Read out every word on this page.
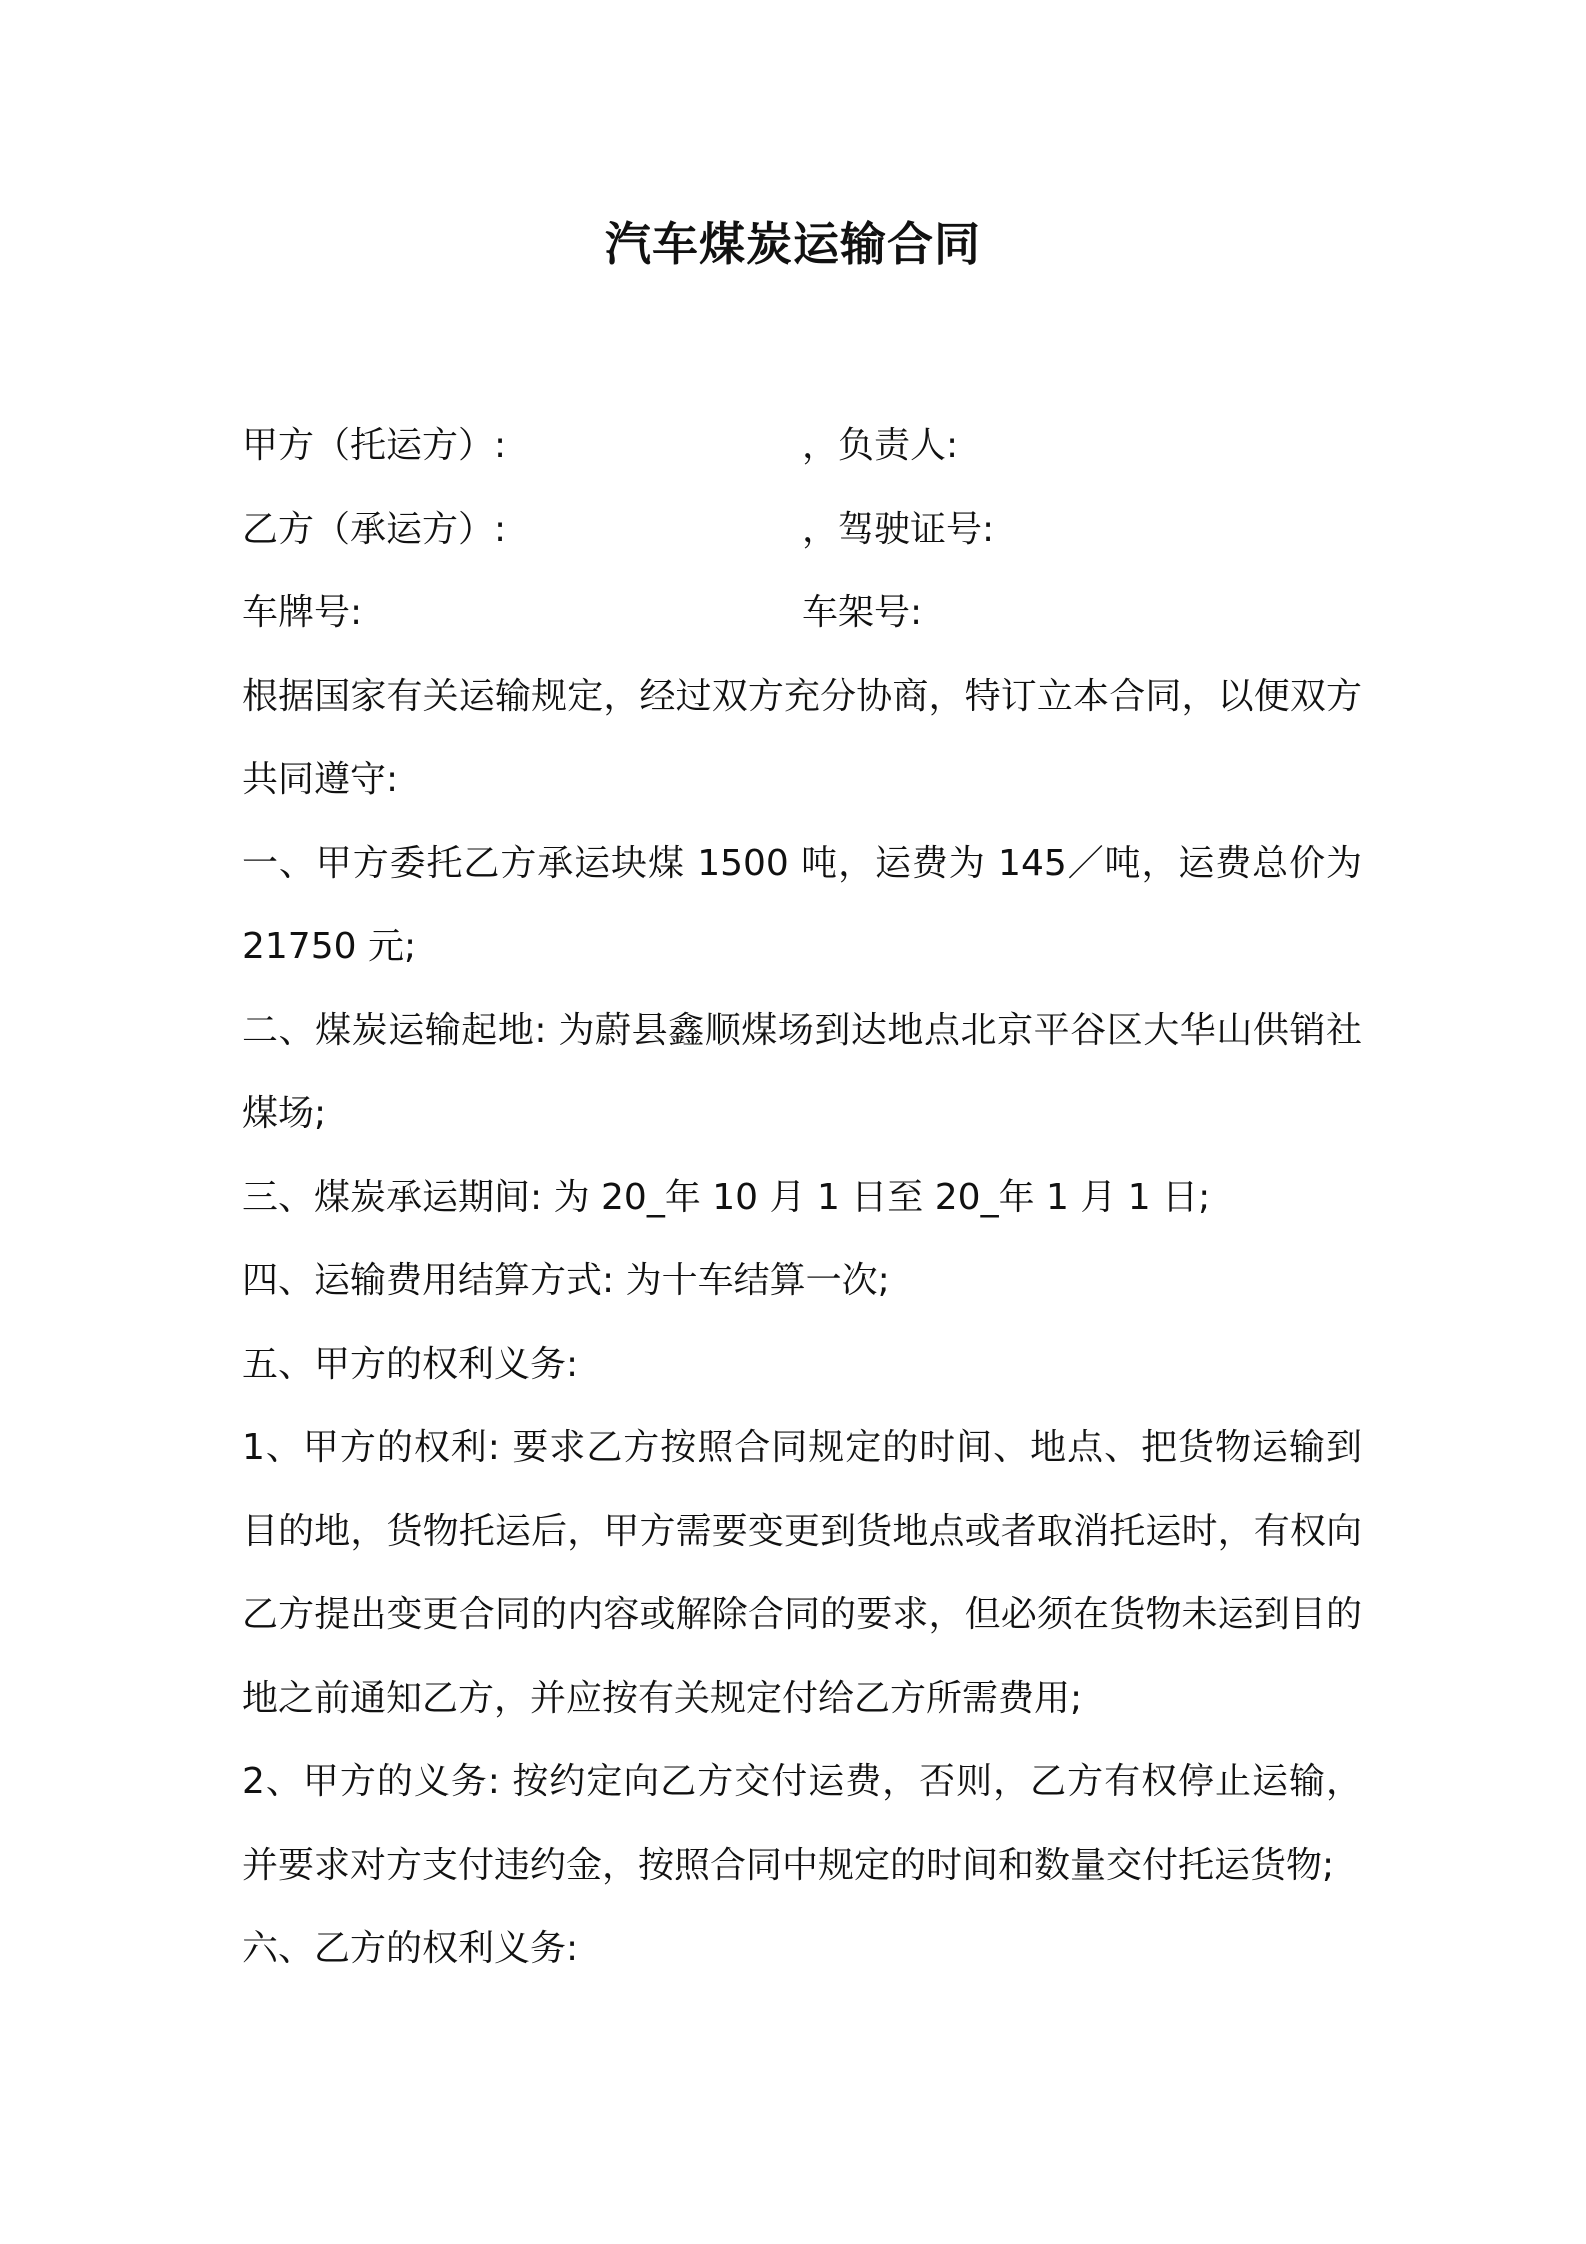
汽车煤炭运输合同
甲方（托运方）:	，负责人:
乙方（承运方）:	，驾驶证号:
车牌号:	车架号:
根据国家有关运输规定，经过双方充分协商，特订立本合同，以便双方共同遵守:
一、甲方委托乙方承运块煤 1500 吨，运费为 145／吨，运费总价为 21750 元;
二、煤炭运输起地: 为蔚县鑫顺煤场到达地点北京平谷区大华山供销社煤场;
三、煤炭承运期间: 为 20_年 10 月 1 日至 20_年 1 月 1 日;
四、运输费用结算方式: 为十车结算一次;
五、甲方的权利义务:
1、甲方的权利: 要求乙方按照合同规定的时间、地点、把货物运输到目的地，货物托运后，甲方需要变更到货地点或者取消托运时，有权向乙方提出变更合同的内容或解除合同的要求，但必须在货物未运到目的地之前通知乙方，并应按有关规定付给乙方所需费用;
2、甲方的义务: 按约定向乙方交付运费，否则，乙方有权停止运输，并要求对方支付违约金，按照合同中规定的时间和数量交付托运货物;
六、乙方的权利义务:
